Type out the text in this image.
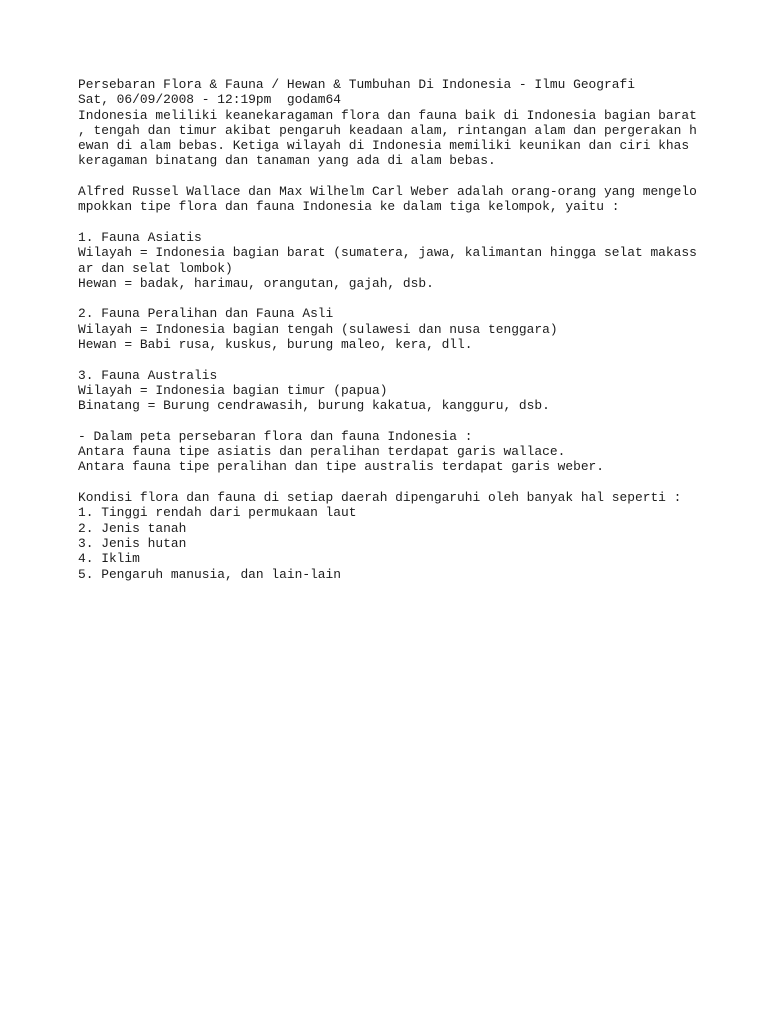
Persebaran Flora & Fauna / Hewan & Tumbuhan Di Indonesia - Ilmu Geografi
Sat, 06/09/2008 - 12:19pm  godam64
Indonesia meliliki keanekaragaman flora dan fauna baik di Indonesia bagian barat
, tengah dan timur akibat pengaruh keadaan alam, rintangan alam dan pergerakan h
ewan di alam bebas. Ketiga wilayah di Indonesia memiliki keunikan dan ciri khas
keragaman binatang dan tanaman yang ada di alam bebas.
Alfred Russel Wallace dan Max Wilhelm Carl Weber adalah orang-orang yang mengelo
mpokkan tipe flora dan fauna Indonesia ke dalam tiga kelompok, yaitu :
1. Fauna Asiatis
Wilayah = Indonesia bagian barat (sumatera, jawa, kalimantan hingga selat makass
ar dan selat lombok)
Hewan = badak, harimau, orangutan, gajah, dsb.
2. Fauna Peralihan dan Fauna Asli
Wilayah = Indonesia bagian tengah (sulawesi dan nusa tenggara)
Hewan = Babi rusa, kuskus, burung maleo, kera, dll.
3. Fauna Australis
Wilayah = Indonesia bagian timur (papua)
Binatang = Burung cendrawasih, burung kakatua, kangguru, dsb.
- Dalam peta persebaran flora dan fauna Indonesia :
Antara fauna tipe asiatis dan peralihan terdapat garis wallace.
Antara fauna tipe peralihan dan tipe australis terdapat garis weber.
Kondisi flora dan fauna di setiap daerah dipengaruhi oleh banyak hal seperti :
1. Tinggi rendah dari permukaan laut
2. Jenis tanah
3. Jenis hutan
4. Iklim
5. Pengaruh manusia, dan lain-lain
